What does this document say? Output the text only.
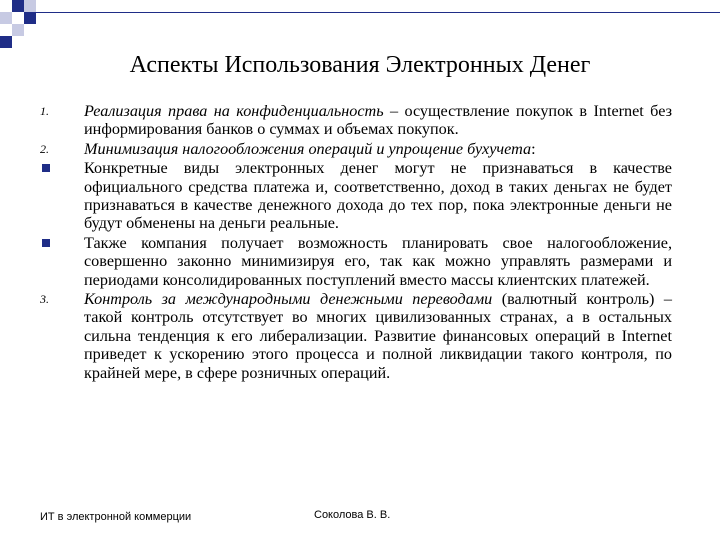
Аспекты Использования Электронных Денег
1. Реализация права на конфиденциальность – осуществление покупок в Internet без информирования банков о суммах и объемах покупок.
2. Минимизация налогообложения операций и упрощение бухучета:
Конкретные виды электронных денег могут не признаваться в качестве официального средства платежа и, соответственно, доход в таких деньгах не будет признаваться в качестве денежного дохода до тех пор, пока электронные деньги не будут обменены на деньги реальные.
Также компания получает возможность планировать свое налогообложение, совершенно законно минимизируя его, так как можно управлять размерами и периодами консолидированных поступлений вместо массы клиентских платежей.
3. Контроль за международными денежными переводами (валютный контроль) – такой контроль отсутствует во многих цивилизованных странах, а в остальных сильна тенденция к его либерализации. Развитие финансовых операций в Internet приведет к ускорению этого процесса и полной ликвидации такого контроля, по крайней мере, в сфере розничных операций.
ИТ в электронной коммерции	Соколова В. В.
